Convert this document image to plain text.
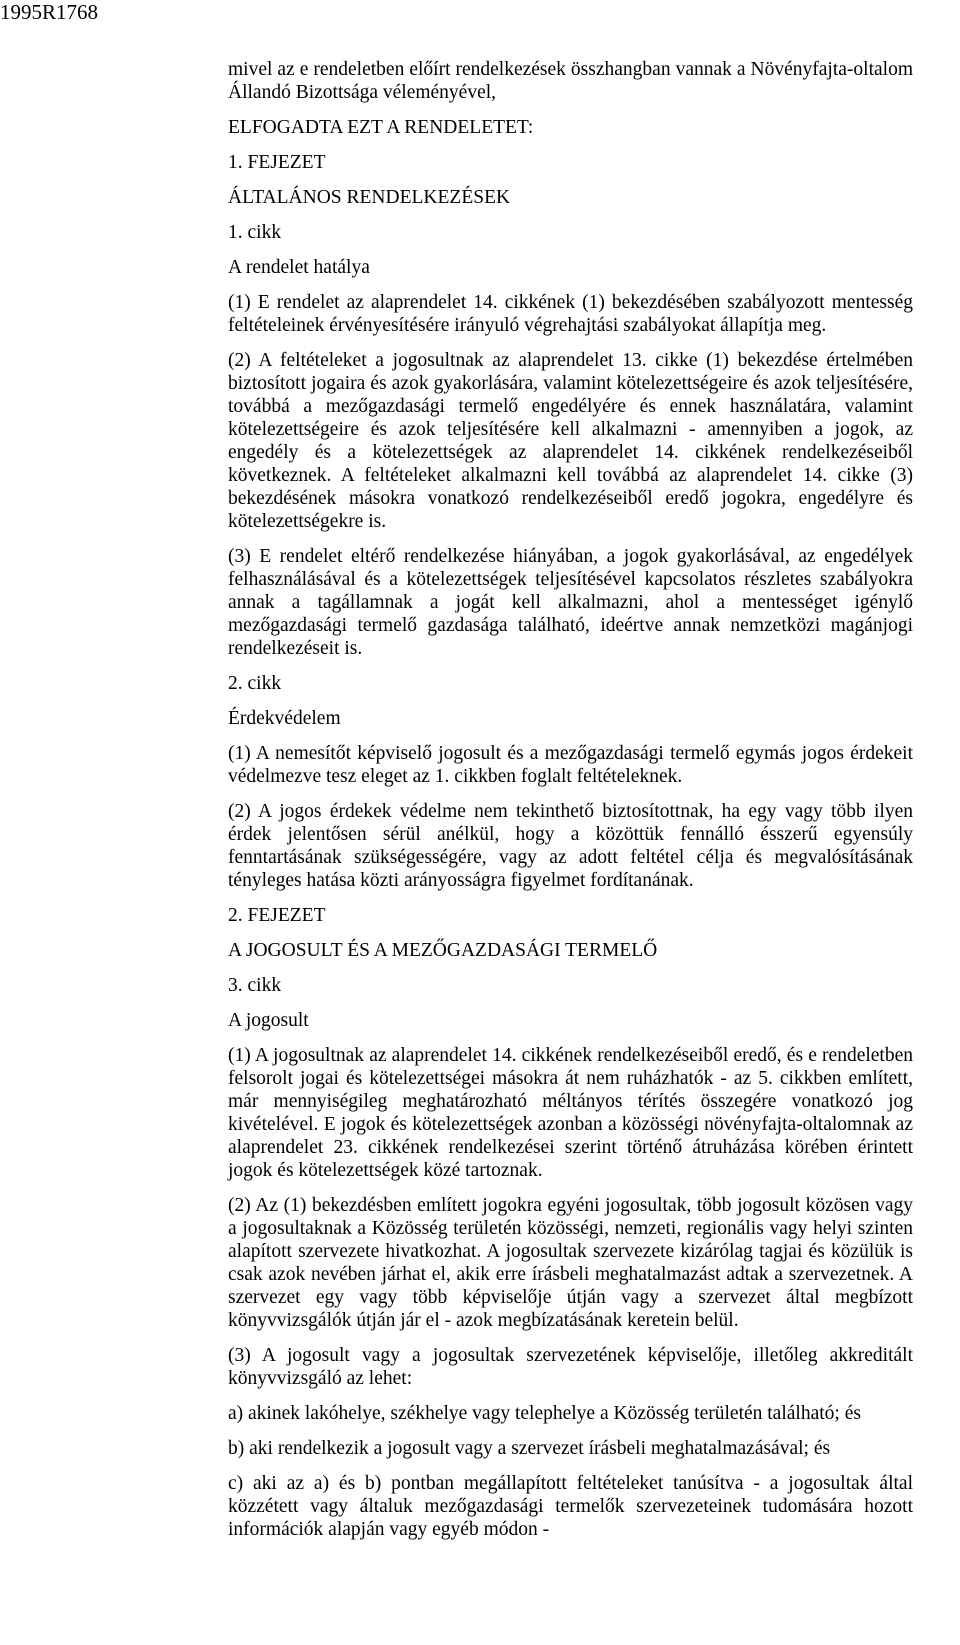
1995R1768

mivel az e rendeletben előírt rendelkezések összhangban vannak a Növényfajta-oltalom Állandó Bizottsága véleményével,

ELFOGADTA EZT A RENDELETET:

1. FEJEZET

ÁLTALÁNOS RENDELKEZÉSEK

1. cikk

A rendelet hatálya

(1) E rendelet az alaprendelet 14. cikkének (1) bekezdésében szabályozott mentesség feltételeinek érvényesítésére irányuló végrehajtási szabályokat állapítja meg.

(2) A feltételeket a jogosultnak az alaprendelet 13. cikke (1) bekezdése értelmében biztosított jogaira és azok gyakorlására, valamint kötelezettségeire és azok teljesítésére, továbbá a mezőgazdasági termelő engedélyére és ennek használatára, valamint kötelezettségeire és azok teljesítésére kell alkalmazni - amennyiben a jogok, az engedély és a kötelezettségek az alaprendelet 14. cikkének rendelkezéseiből következnek. A feltételeket alkalmazni kell továbbá az alaprendelet 14. cikke (3) bekezdésének másokra vonatkozó rendelkezéseiből eredő jogokra, engedélyre és kötelezettségekre is.

(3) E rendelet eltérő rendelkezése hiányában, a jogok gyakorlásával, az engedélyek felhasználásával és a kötelezettségek teljesítésével kapcsolatos részletes szabályokra annak a tagállamnak a jogát kell alkalmazni, ahol a mentességet igénylő mezőgazdasági termelő gazdasága található, ideértve annak nemzetközi magánjogi rendelkezéseit is.

2. cikk

Érdekvédelem

(1) A nemesítőt képviselő jogosult és a mezőgazdasági termelő egymás jogos érdekeit védelmezve tesz eleget az 1. cikkben foglalt feltételeknek.

(2) A jogos érdekek védelme nem tekinthető biztosítottnak, ha egy vagy több ilyen érdek jelentősen sérül anélkül, hogy a közöttük fennálló ésszerű egyensúly fenntartásának szükségességére, vagy az adott feltétel célja és megvalósításának tényleges hatása közti arányosságra figyelmet fordítanának.

2. FEJEZET

A JOGOSULT ÉS A MEZŐGAZDASÁGI TERMELŐ

3. cikk

A jogosult

(1) A jogosultnak az alaprendelet 14. cikkének rendelkezéseiből eredő, és e rendeletben felsorolt jogai és kötelezettségei másokra át nem ruházhatók - az 5. cikkben említett, már mennyiségileg meghatározható méltányos térítés összegére vonatkozó jog kivételével. E jogok és kötelezettségek azonban a közösségi növényfajta-oltalomnak az alaprendelet 23. cikkének rendelkezései szerint történő átruházása körében érintett jogok és kötelezettségek közé tartoznak.

(2) Az (1) bekezdésben említett jogokra egyéni jogosultak, több jogosult közösen vagy a jogosultaknak a Közösség területén közösségi, nemzeti, regionális vagy helyi szinten alapított szervezete hivatkozhat. A jogosultak szervezete kizárólag tagjai és közülük is csak azok nevében járhat el, akik erre írásbeli meghatalmazást adtak a szervezetnek. A szervezet egy vagy több képviselője útján vagy a szervezet által megbízott könyvvizsgálók útján jár el - azok megbízatásának keretein belül.

(3) A jogosult vagy a jogosultak szervezetének képviselője, illetőleg akkreditált könyvvizsgáló az lehet:

a) akinek lakóhelye, székhelye vagy telephelye a Közösség területén található; és

b) aki rendelkezik a jogosult vagy a szervezet írásbeli meghatalmazásával; és

c) aki az a) és b) pontban megállapított feltételeket tanúsítva - a jogosultak által közzétett vagy általuk mezőgazdasági termelők szervezeteinek tudomására hozott információk alapján vagy egyéb módon -
